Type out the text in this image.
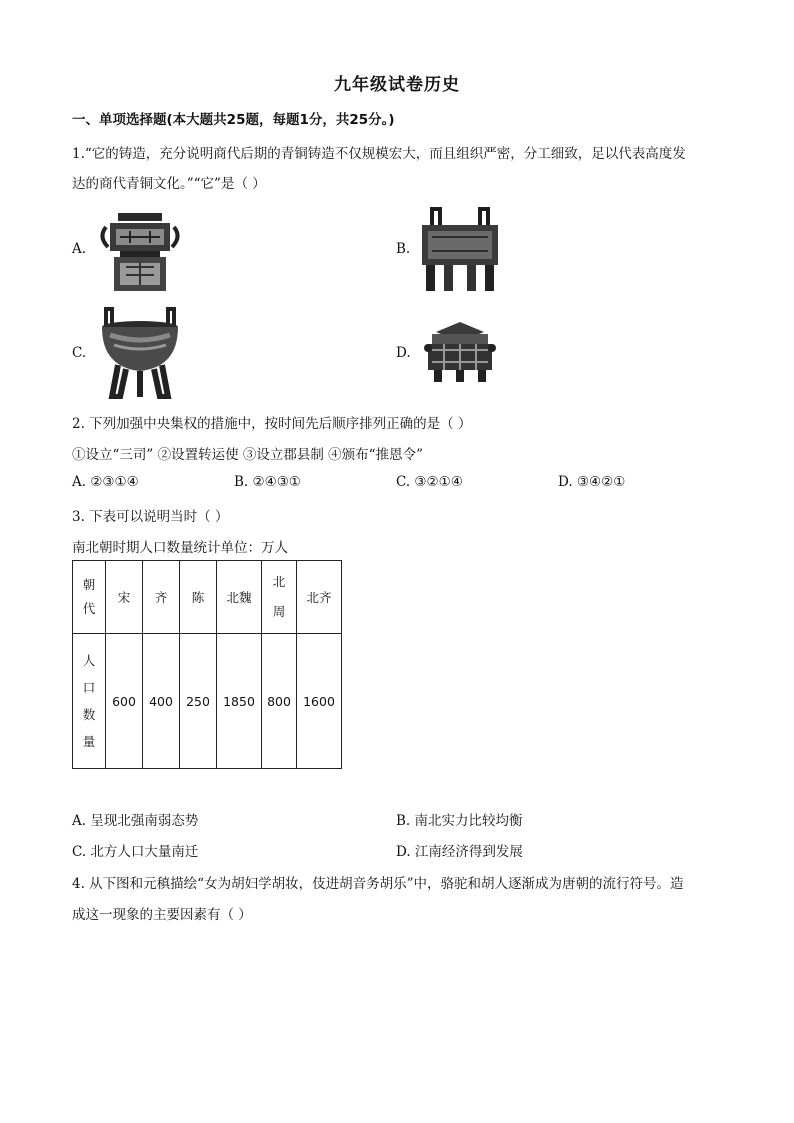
九年级试卷历史
一、单项选择题(本大题共25题，每题1分，共25分。)
1.“它的铸造，充分说明商代后期的青铜铸造不仅规模宏大，而且组织严密，分工细致，足以代表高度发
达的商代青铜文化。”“它”是（ ）
A.	B.
C.	D.
2. 下列加强中央集权的措施中，按时间先后顺序排列正确的是（ ）
①设立“三司” ②设置转运使 ③设立郡县制 ④颁布“推恩令”
A. ②③①④	B. ②④③①	C. ③②①④	D. ③④②①
3. 下表可以说明当时（ ）
南北朝时期人口数量统计单位：万人
朝
代	宋	齐	陈	北魏	北周	北齐

人
口
数
量	600	400	250	1850	800	1600
A. 呈现北强南弱态势	B. 南北实力比较均衡
C. 北方人口大量南迁	D. 江南经济得到发展
4. 从下图和元稹描绘“女为胡妇学胡妆，伎进胡音务胡乐”中，骆驼和胡人逐渐成为唐朝的流行符号。造
成这一现象的主要因素有（ ）
